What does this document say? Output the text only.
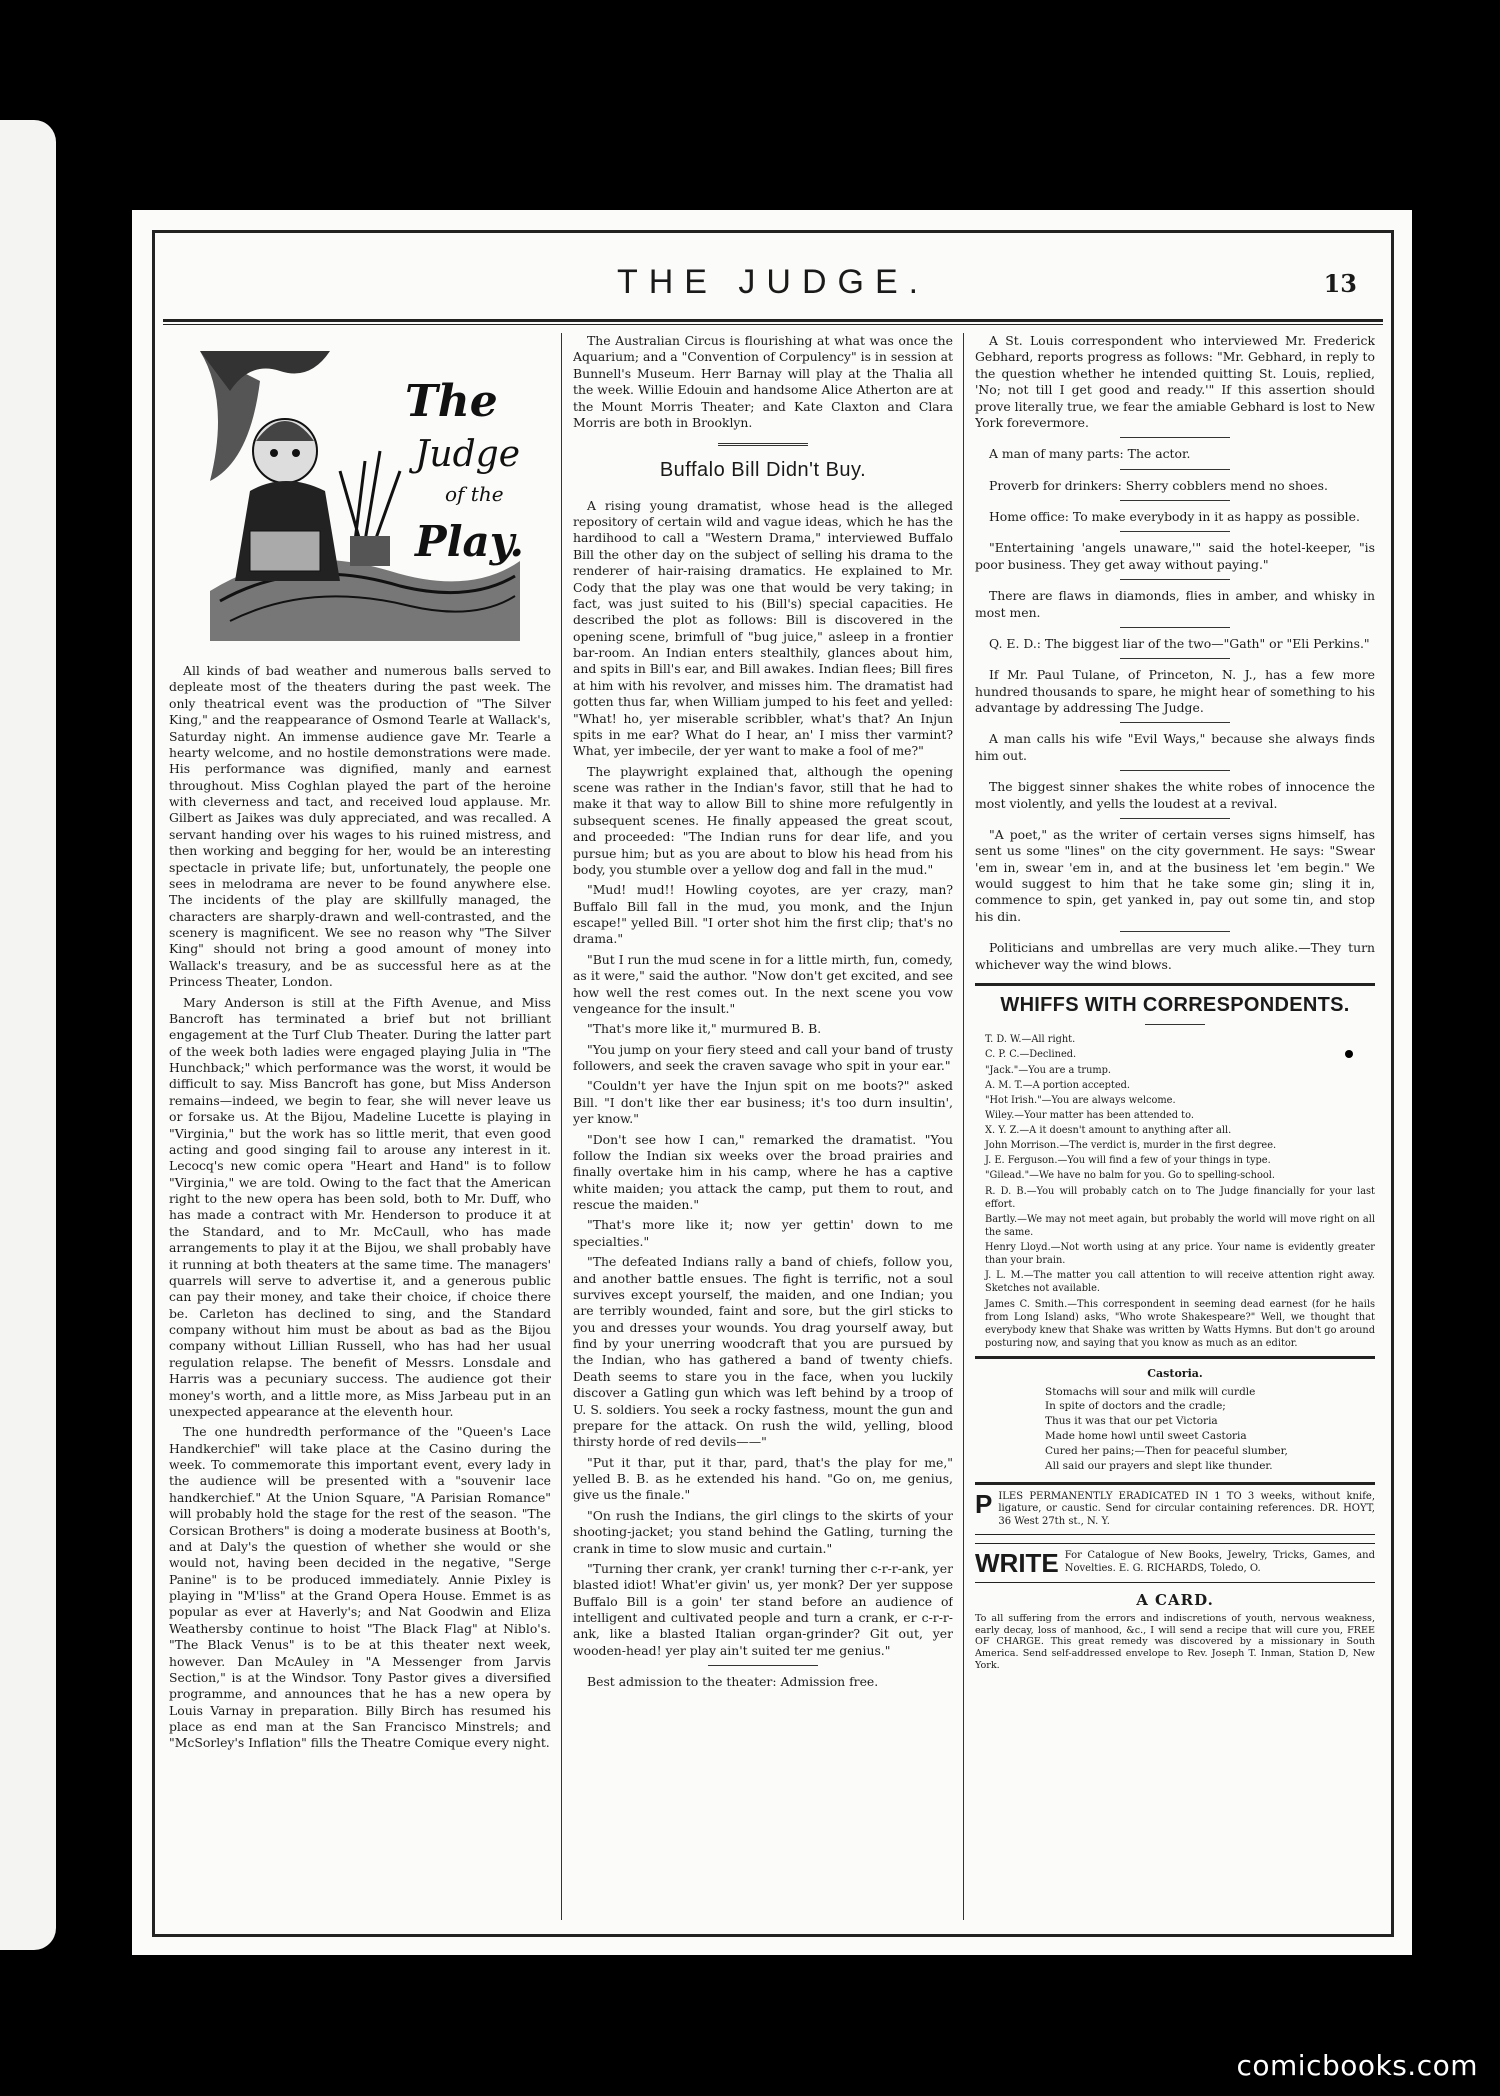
THE JUDGE.	13
The
Judge
of the
Play.

All kinds of bad weather and numerous balls served to depleate most of the theaters during the past week. The only theatrical event was the production of "The Silver King," and the reappearance of Osmond Tearle at Wallack's, Saturday night. An immense audience gave Mr. Tearle a hearty welcome, and no hostile demonstrations were made. His performance was dignified, manly and earnest throughout. Miss Coghlan played the part of the heroine with cleverness and tact, and received loud applause. Mr. Gilbert as Jaikes was duly appreciated, and was recalled. A servant handing over his wages to his ruined mistress, and then working and begging for her, would be an interesting spectacle in private life; but, unfortunately, the people one sees in melodrama are never to be found anywhere else. The incidents of the play are skillfully managed, the characters are sharply-drawn and well-contrasted, and the scenery is magnificent. We see no reason why "The Silver King" should not bring a good amount of money into Wallack's treasury, and be as successful here as at the Princess Theater, London.

Mary Anderson is still at the Fifth Avenue, and Miss Bancroft has terminated a brief but not brilliant engagement at the Turf Club Theater. During the latter part of the week both ladies were engaged playing Julia in "The Hunchback;" which performance was the worst, it would be difficult to say. Miss Bancroft has gone, but Miss Anderson remains—indeed, we begin to fear, she will never leave us or forsake us. At the Bijou, Madeline Lucette is playing in "Virginia," but the work has so little merit, that even good acting and good singing fail to arouse any interest in it. Lecocq's new comic opera "Heart and Hand" is to follow "Virginia," we are told. Owing to the fact that the American right to the new opera has been sold, both to Mr. Duff, who has made a contract with Mr. Henderson to produce it at the Standard, and to Mr. McCaull, who has made arrangements to play it at the Bijou, we shall probably have it running at both theaters at the same time. The managers' quarrels will serve to advertise it, and a generous public can pay their money, and take their choice, if choice there be. Carleton has declined to sing, and the Standard company without him must be about as bad as the Bijou company without Lillian Russell, who has had her usual regulation relapse. The benefit of Messrs. Lonsdale and Harris was a pecuniary success. The audience got their money's worth, and a little more, as Miss Jarbeau put in an unexpected appearance at the eleventh hour.

The one hundredth performance of the "Queen's Lace Handkerchief" will take place at the Casino during the week. To commemorate this important event, every lady in the audience will be presented with a "souvenir lace handkerchief." At the Union Square, "A Parisian Romance" will probably hold the stage for the rest of the season. "The Corsican Brothers" is doing a moderate business at Booth's, and at Daly's the question of whether she would or she would not, having been decided in the negative, "Serge Panine" is to be produced immediately. Annie Pixley is playing in "M'liss" at the Grand Opera House. Emmet is as popular as ever at Haverly's; and Nat Goodwin and Eliza Weathersby continue to hoist "The Black Flag" at Niblo's. "The Black Venus" is to be at this theater next week, however. Dan McAuley in "A Messenger from Jarvis Section," is at the Windsor. Tony Pastor gives a diversified programme, and announces that he has a new opera by Louis Varnay in preparation. Billy Birch has resumed his place as end man at the San Francisco Minstrels; and "McSorley's Inflation" fills the Theatre Comique every night.

The Australian Circus is flourishing at what was once the Aquarium; and a "Convention of Corpulency" is in session at Bunnell's Museum. Herr Barnay will play at the Thalia all the week. Willie Edouin and handsome Alice Atherton are at the Mount Morris Theater; and Kate Claxton and Clara Morris are both in Brooklyn.

Buffalo Bill Didn't Buy.

A rising young dramatist, whose head is the alleged repository of certain wild and vague ideas, which he has the hardihood to call a "Western Drama," interviewed Buffalo Bill the other day on the subject of selling his drama to the renderer of hair-raising dramatics. He explained to Mr. Cody that the play was one that would be very taking; in fact, was just suited to his (Bill's) special capacities. He described the plot as follows: Bill is discovered in the opening scene, brimfull of "bug juice," asleep in a frontier bar-room. An Indian enters stealthily, glances about him, and spits in Bill's ear, and Bill awakes. Indian flees; Bill fires at him with his revolver, and misses him. The dramatist had gotten thus far, when William jumped to his feet and yelled: "What! ho, yer miserable scribbler, what's that? An Injun spits in me ear? What do I hear, an' I miss ther varmint? What, yer imbecile, der yer want to make a fool of me?"

The playwright explained that, although the opening scene was rather in the Indian's favor, still that he had to make it that way to allow Bill to shine more refulgently in subsequent scenes. He finally appeased the great scout, and proceeded: "The Indian runs for dear life, and you pursue him; but as you are about to blow his head from his body, you stumble over a yellow dog and fall in the mud."

"Mud! mud!! Howling coyotes, are yer crazy, man? Buffalo Bill fall in the mud, you monk, and the Injun escape!" yelled Bill. "I orter shot him the first clip; that's no drama."

"But I run the mud scene in for a little mirth, fun, comedy, as it were," said the author. "Now don't get excited, and see how well the rest comes out. In the next scene you vow vengeance for the insult."

"That's more like it," murmured B. B.

"You jump on your fiery steed and call your band of trusty followers, and seek the craven savage who spit in your ear."

"Couldn't yer have the Injun spit on me boots?" asked Bill. "I don't like ther ear business; it's too durn insultin', yer know."

"Don't see how I can," remarked the dramatist. "You follow the Indian six weeks over the broad prairies and finally overtake him in his camp, where he has a captive white maiden; you attack the camp, put them to rout, and rescue the maiden."

"That's more like it; now yer gettin' down to me specialties."

"The defeated Indians rally a band of chiefs, follow you, and another battle ensues. The fight is terrific, not a soul survives except yourself, the maiden, and one Indian; you are terribly wounded, faint and sore, but the girl sticks to you and dresses your wounds. You drag yourself away, but find by your unerring woodcraft that you are pursued by the Indian, who has gathered a band of twenty chiefs. Death seems to stare you in the face, when you luckily discover a Gatling gun which was left behind by a troop of U. S. soldiers. You seek a rocky fastness, mount the gun and prepare for the attack. On rush the wild, yelling, blood thirsty horde of red devils——"

"Put it thar, put it thar, pard, that's the play for me," yelled B. B. as he extended his hand. "Go on, me genius, give us the finale."

"On rush the Indians, the girl clings to the skirts of your shooting-jacket; you stand behind the Gatling, turning the crank in time to slow music and curtain."

"Turning ther crank, yer crank! turning ther c-r-r-ank, yer blasted idiot! What'er givin' us, yer monk? Der yer suppose Buffalo Bill is a goin' ter stand before an audience of intelligent and cultivated people and turn a crank, er c-r-r-ank, like a blasted Italian organ-grinder? Git out, yer wooden-head! yer play ain't suited ter me genius."

Best admission to the theater: Admission free.

A St. Louis correspondent who interviewed Mr. Frederick Gebhard, reports progress as follows: "Mr. Gebhard, in reply to the question whether he intended quitting St. Louis, replied, 'No; not till I get good and ready.'" If this assertion should prove literally true, we fear the amiable Gebhard is lost to New York forevermore.

A man of many parts: The actor.

Proverb for drinkers: Sherry cobblers mend no shoes.

Home office: To make everybody in it as happy as possible.

"Entertaining 'angels unaware,'" said the hotel-keeper, "is poor business. They get away without paying."

There are flaws in diamonds, flies in amber, and whisky in most men.

Q. E. D.: The biggest liar of the two—"Gath" or "Eli Perkins."

If Mr. Paul Tulane, of Princeton, N. J., has a few more hundred thousands to spare, he might hear of something to his advantage by addressing The Judge.

A man calls his wife "Evil Ways," because she always finds him out.

The biggest sinner shakes the white robes of innocence the most violently, and yells the loudest at a revival.

"A poet," as the writer of certain verses signs himself, has sent us some "lines" on the city government. He says: "Swear 'em in, swear 'em in, and at the business let 'em begin." We would suggest to him that he take some gin; sling it in, commence to spin, get yanked in, pay out some tin, and stop his din.

Politicians and umbrellas are very much alike.—They turn whichever way the wind blows.

WHIFFS WITH CORRESPONDENTS.

T. D. W.—All right.

C. P. C.—Declined.

"Jack."—You are a trump.

A. M. T.—A portion accepted.

"Hot Irish."—You are always welcome.

Wiley.—Your matter has been attended to.

X. Y. Z.—A it doesn't amount to anything after all.

John Morrison.—The verdict is, murder in the first degree.

J. E. Ferguson.—You will find a few of your things in type.

"Gilead."—We have no balm for you. Go to spelling-school.

R. D. B.—You will probably catch on to The Judge financially for your last effort.

Bartly.—We may not meet again, but probably the world will move right on all the same.

Henry Lloyd.—Not worth using at any price. Your name is evidently greater than your brain.

J. L. M.—The matter you call attention to will receive attention right away. Sketches not available.

James C. Smith.—This correspondent in seeming dead earnest (for he hails from Long Island) asks, "Who wrote Shakespeare?" Well, we thought that everybody knew that Shake was written by Watts Hymns. But don't go around posturing now, and saying that you know as much as an editor.

Castoria.

Stomachs will sour and milk will curdle

In spite of doctors and the cradle;

Thus it was that our pet Victoria

Made home howl until sweet Castoria

Cured her pains;—Then for peaceful slumber,

All said our prayers and slept like thunder.

P ILES PERMANENTLY ERADICATED IN 1 TO 3 weeks, without knife, ligature, or caustic. Send for circular containing references. DR. HOYT, 36 West 27th st., N. Y.
WRITE For Catalogue of New Books, Jewelry, Tricks, Games, and Novelties. E. G. RICHARDS, Toledo, O.
A CARD.
To all suffering from the errors and indiscretions of youth, nervous weakness, early decay, loss of manhood, &c., I will send a recipe that will cure you, FREE OF CHARGE. This great remedy was discovered by a missionary in South America. Send self-addressed envelope to Rev. Joseph T. Inman, Station D, New York.
comicbooks.com
